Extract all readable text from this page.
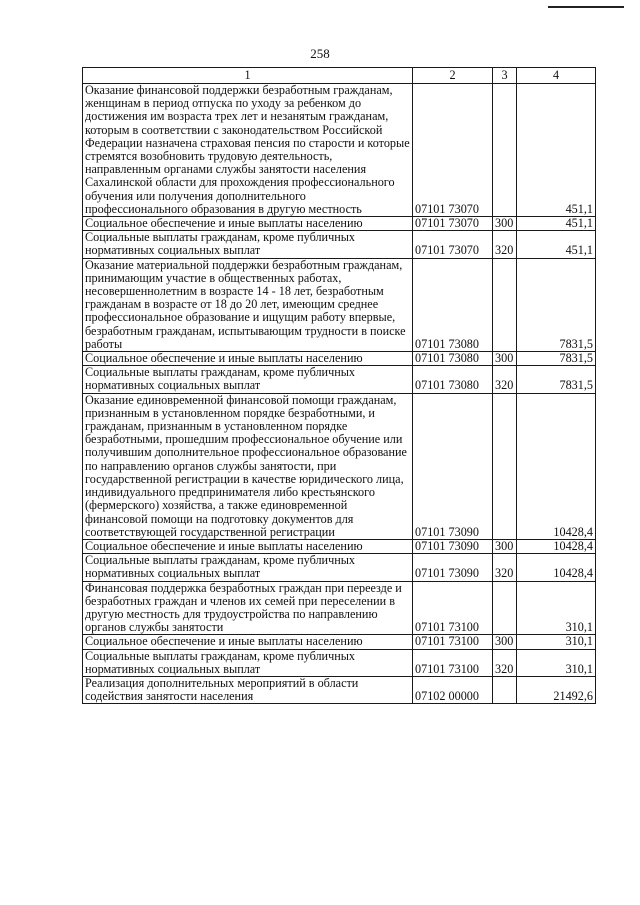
258
1	2	3	4
Оказание финансовой поддержки безработным гражданам, женщинам в период отпуска по уходу за ребенком до достижения им возраста трех лет и незанятым гражданам, которым в соответствии с законодательством Российской Федерации назначена страховая пенсия по старости и которые стремятся возобновить трудовую деятельность, направленным органами службы занятости населения Сахалинской области для прохождения профессионального обучения или получения дополнительного профессионального образования в другую местность	07101 73070		451,1
Социальное обеспечение и иные выплаты населению	07101 73070	300	451,1
Социальные выплаты гражданам, кроме публичных нормативных социальных выплат	07101 73070	320	451,1
Оказание материальной поддержки безработным гражданам, принимающим участие в общественных работах, несовершеннолетним в возрасте 14 - 18 лет, безработным гражданам в возрасте от 18 до 20 лет, имеющим среднее профессиональное образование и ищущим работу впервые, безработным гражданам, испытывающим трудности в поиске работы	07101 73080		7831,5
Социальное обеспечение и иные выплаты населению	07101 73080	300	7831,5
Социальные выплаты гражданам, кроме публичных нормативных социальных выплат	07101 73080	320	7831,5
Оказание единовременной финансовой помощи гражданам, признанным в установленном порядке безработными, и гражданам, признанным в установленном порядке безработными, прошедшим профессиональное обучение или получившим дополнительное профессиональное образование по направлению органов службы занятости, при государственной регистрации в качестве юридического лица, индивидуального предпринимателя либо крестьянского (фермерского) хозяйства, а также единовременной финансовой помощи на подготовку документов для соответствующей государственной регистрации	07101 73090		10428,4
Социальное обеспечение и иные выплаты населению	07101 73090	300	10428,4
Социальные выплаты гражданам, кроме публичных нормативных социальных выплат	07101 73090	320	10428,4
Финансовая поддержка безработных граждан при переезде и безработных граждан и членов их семей при переселении в другую местность для трудоустройства по направлению органов службы занятости	07101 73100		310,1
Социальное обеспечение и иные выплаты населению	07101 73100	300	310,1
Социальные выплаты гражданам, кроме публичных нормативных социальных выплат	07101 73100	320	310,1
Реализация дополнительных мероприятий в области содействия занятости населения	07102 00000		21492,6
